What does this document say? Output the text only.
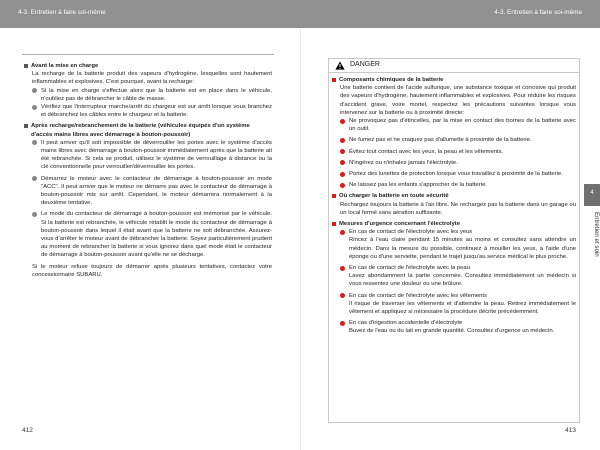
4-3. Entretien à faire soi-même	4-3. Entretien à faire soi-même

Avant la mise en charge

La recharge de la batterie produit des vapeurs d'hydrogène, lesquelles sont hautement inflammables et explosives. C'est pourquoi, avant la recharge:

Si la mise en charge s'effectue alors que la batterie est en place dans le véhicule, n'oubliez pas de débrancher le câble de masse.

Vérifiez que l'interrupteur marche/arrêt du chargeur est sur arrêt lorsque vous branchez et débranchez les câbles entre le chargeur et la batterie.

Après recharge/rebranchement de la batterie (véhicules équipés d'un système d'accès mains libres avec démarrage à bouton-poussoir)

Il peut arriver qu'il soit impossible de déverrouiller les portes avec le système d'accès mains libres avec démarrage à bouton-poussoir immédiatement après que la batterie ait été rebranchée. Si cela se produit, utilisez le système de verrouillage à distance ou la clé conventionnelle pour verrouiller/déverrouiller les portes.

Démarrez le moteur avec le contacteur de démarrage à bouton-poussoir en mode "ACC". Il peut arriver que le moteur ne démarre pas avec le contacteur de démarrage à bouton-poussoir mis sur arrêt. Cependant, le moteur démarrera normalement à la deuxième tentative.

Le mode du contacteur de démarrage à bouton-poussoir est mémorisé par le véhicule. Si la batterie est rebranchée, le véhicule rétablit le mode du contacteur de démarrage à bouton-poussoir dans lequel il était avant que la batterie ne soit débranchée. Assurez-vous d'arrêter le moteur avant de débrancher la batterie. Soyez particulièrement prudent au moment de rebrancher la batterie si vous ignorez dans quel mode était le contacteur de démarrage à bouton-poussoir avant qu'elle ne se décharge.

Si le moteur refuse toujours de démarrer après plusieurs tentatives, contactez votre concessionnaire SUBARU.

DANGER

Composants chimiques de la batterie

Une batterie contient de l'acide sulfurique, une substance toxique et corrosive qui produit des vapeurs d'hydrogène, hautement inflammables et explosives. Pour réduire les risques d'accident grave, voire mortel, respectez les précautions suivantes lorsque vous intervenez sur la batterie ou à proximité directe:

Ne provoquez pas d'étincelles, par la mise en contact des bornes de la batterie avec un outil.

Ne fumez pas et ne craquez pas d'allumette à proximité de la batterie.

Évitez tout contact avec les yeux, la peau et les vêtements.

N'ingérez ou n'inhalez jamais l'électrolyte.

Portez des lunettes de protection lorsque vous travaillez à proximité de la batterie.

Ne laissez pas les enfants s'approcher de la batterie.

Où charger la batterie en toute sécurité

Rechargez toujours la batterie à l'air libre. Ne rechargez pas la batterie dans un garage ou un local fermé sans aération suffisante.

Mesures d'urgence concernant l'électrolyte

En cas de contact de l'électrolyte avec les yeux

Rincez à l'eau claire pendant 15 minutes au moins et consultez sans attendre un médecin. Dans la mesure du possible, continuez à mouiller les yeux, à l'aide d'une éponge ou d'une serviette, pendant le trajet jusqu'au service médical le plus proche.

En cas de contact de l'électrolyte avec la peau

Lavez abondamment la partie concernée. Consultez immédiatement un médecin si vous ressentez une douleur ou une brûlure.

En cas de contact de l'électrolyte avec les vêtements

Il risque de traverser les vêtements et d'atteindre la peau. Retirez immédiatement le vêtement et appliquez si nécessaire la procédure décrite précédemment.

En cas d'ingestion accidentelle d'électrolyte

Buvez de l'eau ou du lait en grande quantité. Consultez d'urgence un médecin.

4
Entretien et soin
412	413
